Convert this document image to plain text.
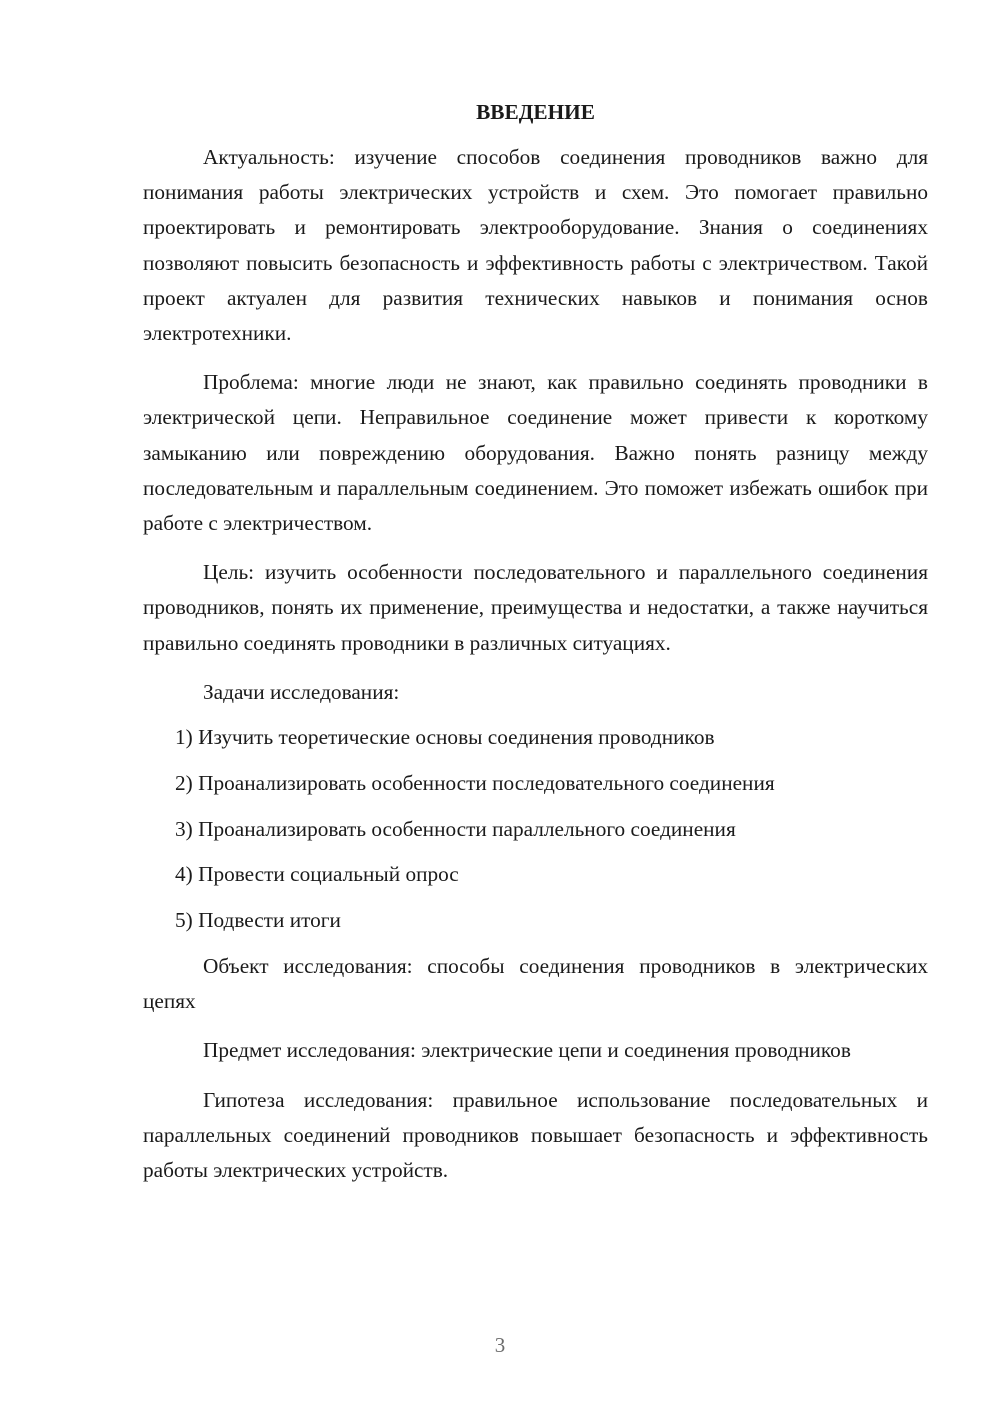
ВВЕДЕНИЕ

Актуальность: изучение способов соединения проводников важно для понимания работы электрических устройств и схем. Это помогает правильно проектировать и ремонтировать электрооборудование. Знания о соединениях позволяют повысить безопасность и эффективность работы с электричеством. Такой проект актуален для развития технических навыков и понимания основ электротехники.

Проблема: многие люди не знают, как правильно соединять проводники в электрической цепи. Неправильное соединение может привести к короткому замыканию или повреждению оборудования. Важно понять разницу между последовательным и параллельным соединением. Это поможет избежать ошибок при работе с электричеством.

Цель: изучить особенности последовательного и параллельного соединения проводников, понять их применение, преимущества и недостатки, а также научиться правильно соединять проводники в различных ситуациях.

Задачи исследования:
1) Изучить теоретические основы соединения проводников
2) Проанализировать особенности последовательного соединения
3) Проанализировать особенности параллельного соединения
4) Провести социальный опрос
5) Подвести итоги

Объект исследования: способы соединения проводников в электрических цепях

Предмет исследования: электрические цепи и соединения проводников

Гипотеза исследования: правильное использование последовательных и параллельных соединений проводников повышает безопасность и эффективность работы электрических устройств.

3
